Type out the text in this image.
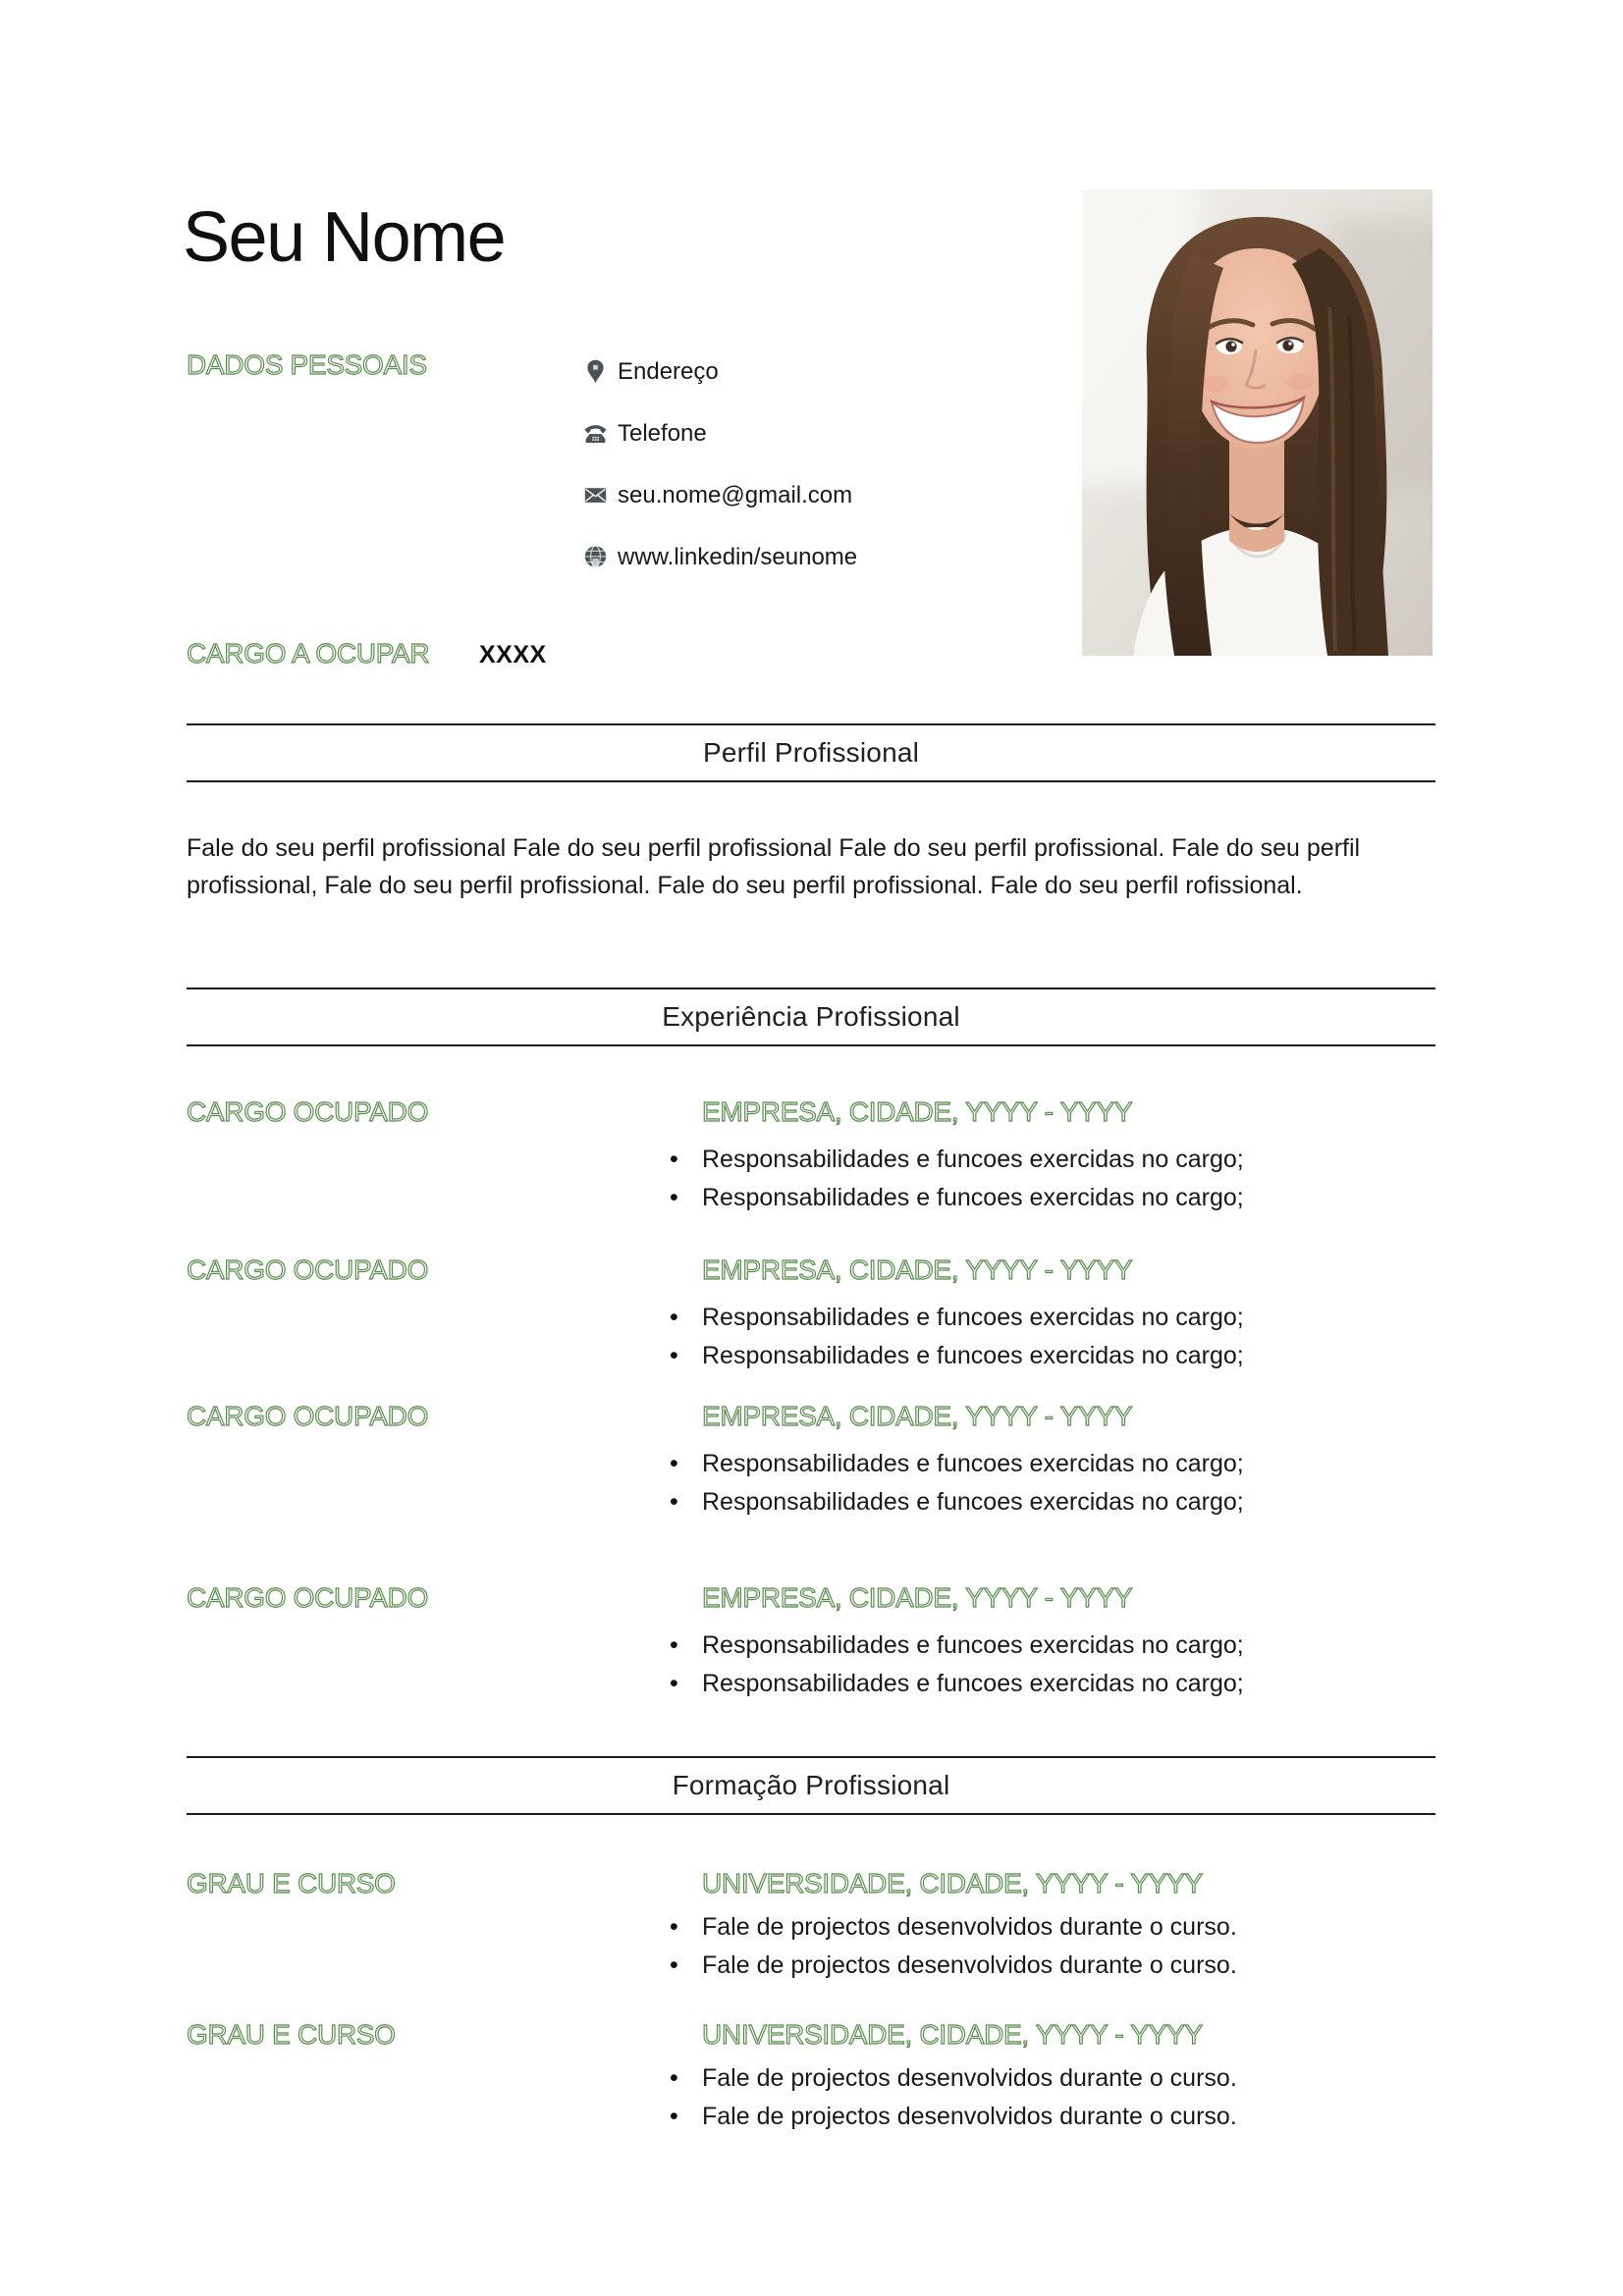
Seu Nome
DADOS PESSOAIS	Endereço
Telefone
seu.nome@gmail.com
www.linkedin/seunome
CARGO A OCUPAR XXXX
Perfil Profissional

Fale do seu perfil profissional Fale do seu perfil profissional Fale do seu perfil profissional. Fale do seu perfil profissional, Fale do seu perfil profissional. Fale do seu perfil profissional. Fale do seu perfil rofissional.

Experiência Profissional
CARGO OCUPADO	EMPRESA, CIDADE, YYYY - YYYY
• Responsabilidades e funcoes exercidas no cargo;
• Responsabilidades e funcoes exercidas no cargo;
CARGO OCUPADO	EMPRESA, CIDADE, YYYY - YYYY
• Responsabilidades e funcoes exercidas no cargo;
• Responsabilidades e funcoes exercidas no cargo;
CARGO OCUPADO	EMPRESA, CIDADE, YYYY - YYYY
• Responsabilidades e funcoes exercidas no cargo;
• Responsabilidades e funcoes exercidas no cargo;
CARGO OCUPADO	EMPRESA, CIDADE, YYYY - YYYY
• Responsabilidades e funcoes exercidas no cargo;
• Responsabilidades e funcoes exercidas no cargo;
Formação Profissional
GRAU E CURSO	UNIVERSIDADE, CIDADE, YYYY - YYYY
• Fale de projectos desenvolvidos durante o curso.
• Fale de projectos desenvolvidos durante o curso.
GRAU E CURSO	UNIVERSIDADE, CIDADE, YYYY - YYYY
• Fale de projectos desenvolvidos durante o curso.
• Fale de projectos desenvolvidos durante o curso.
